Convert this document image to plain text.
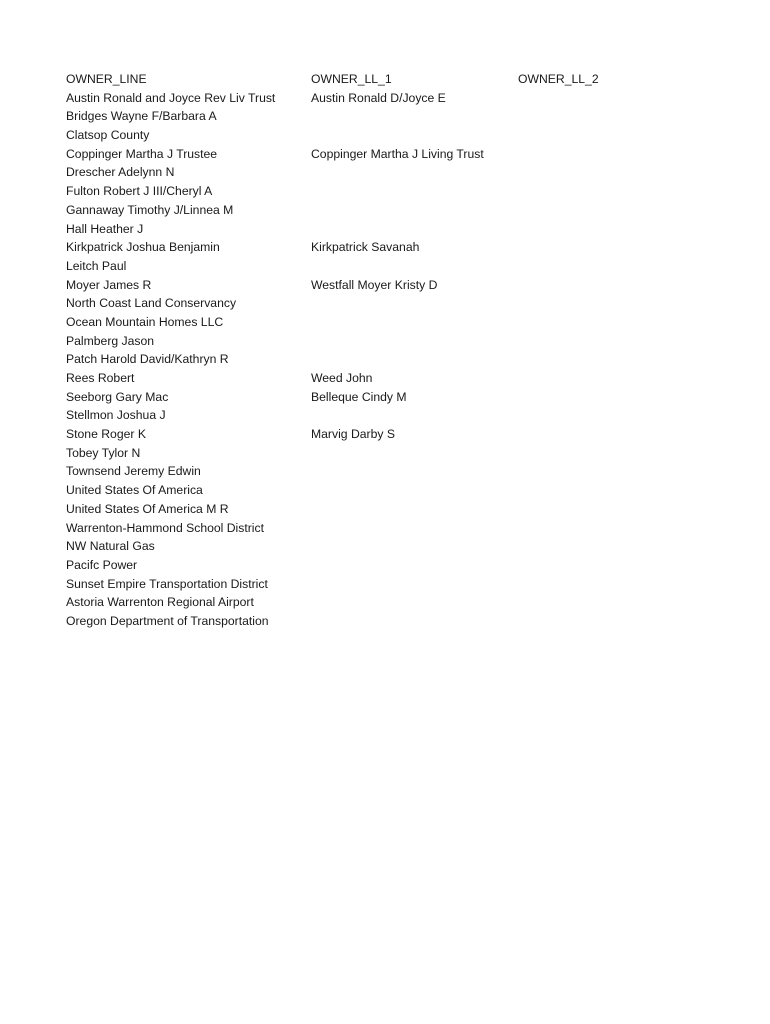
OWNER_LINE	OWNER_LL_1	OWNER_LL_2
Austin Ronald and Joyce Rev Liv Trust	Austin Ronald D/Joyce E
Bridges Wayne F/Barbara A
Clatsop County
Coppinger Martha J Trustee	Coppinger Martha J Living Trust
Drescher Adelynn N
Fulton Robert J III/Cheryl A
Gannaway Timothy J/Linnea M
Hall Heather J
Kirkpatrick Joshua Benjamin	Kirkpatrick Savanah
Leitch Paul
Moyer James R	Westfall Moyer Kristy D
North Coast Land Conservancy
Ocean Mountain Homes LLC
Palmberg Jason
Patch Harold David/Kathryn R
Rees Robert	Weed John
Seeborg Gary Mac	Belleque Cindy M
Stellmon Joshua J
Stone Roger K	Marvig Darby S
Tobey Tylor N
Townsend Jeremy Edwin
United States Of America
United States Of America M R
Warrenton-Hammond School District
NW Natural Gas
Pacifc Power
Sunset Empire Transportation District
Astoria Warrenton Regional Airport
Oregon Department of Transportation
